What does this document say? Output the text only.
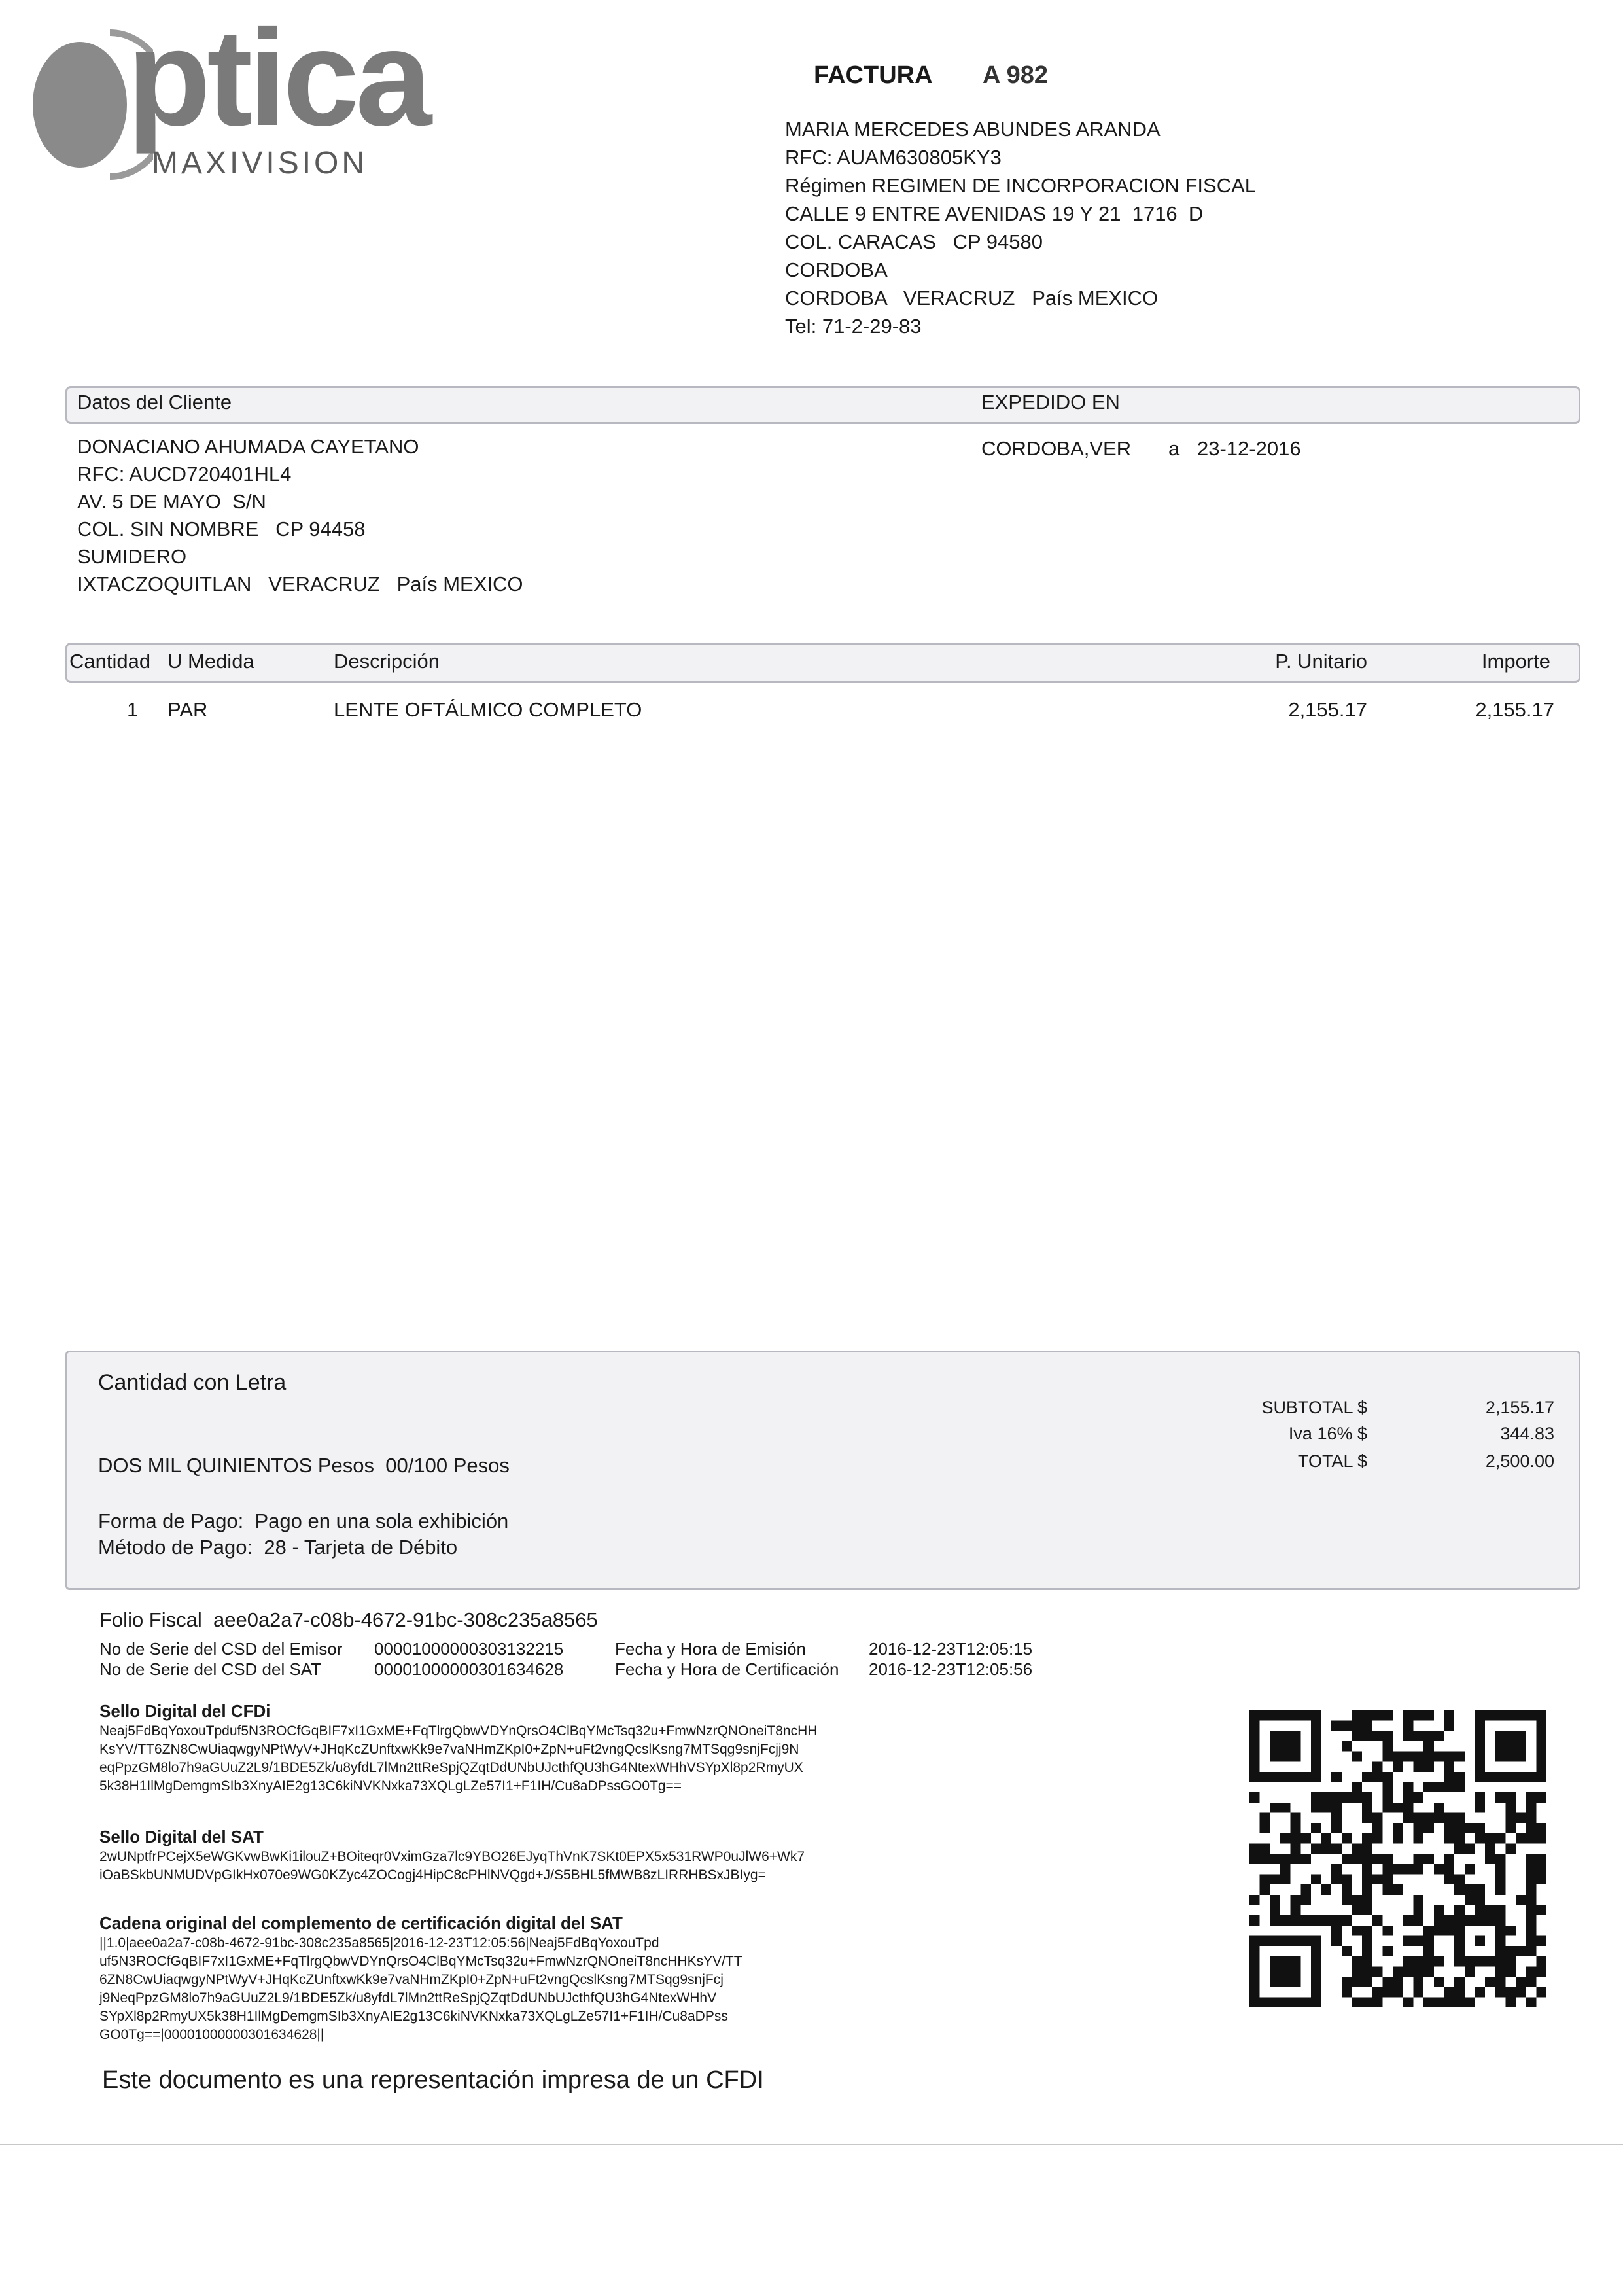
ptica
MAXIVISION
FACTURA A 982
MARIA MERCEDES ABUNDES ARANDA
RFC: AUAM630805KY3
Régimen REGIMEN DE INCORPORACION FISCAL
CALLE 9 ENTRE AVENIDAS 19 Y 21  1716  D
COL. CARACAS   CP 94580
CORDOBA
CORDOBA   VERACRUZ   País MEXICO
Tel: 71-2-29-83
Datos del Cliente	EXPEDIDO EN
DONACIANO AHUMADA CAYETANO
RFC: AUCD720401HL4
AV. 5 DE MAYO  S/N
COL. SIN NOMBRE   CP 94458
SUMIDERO
IXTACZOQUITLAN   VERACRUZ   País MEXICO
CORDOBA,VER a 23-12-2016
Cantidad U Medida	Descripción	P. Unitario	Importe
1 PAR	LENTE OFTÁLMICO COMPLETO	2,155.17	2,155.17
Cantidad con Letra
DOS MIL QUINIENTOS Pesos  00/100 Pesos
Forma de Pago:  Pago en una sola exhibición
Método de Pago:  28 - Tarjeta de Débito
SUBTOTAL $	2,155.17
Iva 16% $	344.83
TOTAL $	2,500.00
Folio Fiscal  aee0a2a7-c08b-4672-91bc-308c235a8565
No de Serie del CSD del Emisor 00001000000303132215	Fecha y Hora de Emisión	2016-12-23T12:05:15
No de Serie del CSD del SAT	00001000000301634628	Fecha y Hora de Certificación 2016-12-23T12:05:56
Sello Digital del CFDi
Neaj5FdBqYoxouTpduf5N3ROCfGqBIF7xI1GxME+FqTlrgQbwVDYnQrsO4ClBqYMcTsq32u+FmwNzrQNOneiT8ncHH
KsYV/TT6ZN8CwUiaqwgyNPtWyV+JHqKcZUnftxwKk9e7vaNHmZKpI0+ZpN+uFt2vngQcslKsng7MTSqg9snjFcjj9N
eqPpzGM8lo7h9aGUuZ2L9/1BDE5Zk/u8yfdL7lMn2ttReSpjQZqtDdUNbUJcthfQU3hG4NtexWHhVSYpXl8p2RmyUX
5k38H1IlMgDemgmSIb3XnyAIE2g13C6kiNVKNxka73XQLgLZe57I1+F1IH/Cu8aDPssGO0Tg==
Sello Digital del SAT
2wUNptfrPCejX5eWGKvwBwKi1ilouZ+BOiteqr0VximGza7lc9YBO26EJyqThVnK7SKt0EPX5x531RWP0uJlW6+Wk7
iOaBSkbUNMUDVpGIkHx070e9WG0KZyc4ZOCogj4HipC8cPHlNVQgd+J/S5BHL5fMWB8zLIRRHBSxJBIyg=
Cadena original del complemento de certificación digital del SAT
||1.0|aee0a2a7-c08b-4672-91bc-308c235a8565|2016-12-23T12:05:56|Neaj5FdBqYoxouTpd
uf5N3ROCfGqBIF7xI1GxME+FqTlrgQbwVDYnQrsO4ClBqYMcTsq32u+FmwNzrQNOneiT8ncHHKsYV/TT
6ZN8CwUiaqwgyNPtWyV+JHqKcZUnftxwKk9e7vaNHmZKpI0+ZpN+uFt2vngQcslKsng7MTSqg9snjFcj
j9NeqPpzGM8lo7h9aGUuZ2L9/1BDE5Zk/u8yfdL7lMn2ttReSpjQZqtDdUNbUJcthfQU3hG4NtexWHhV
SYpXl8p2RmyUX5k38H1IlMgDemgmSIb3XnyAIE2g13C6kiNVKNxka73XQLgLZe57I1+F1IH/Cu8aDPss
GO0Tg==|00001000000301634628||
Este documento es una representación impresa de un CFDI
